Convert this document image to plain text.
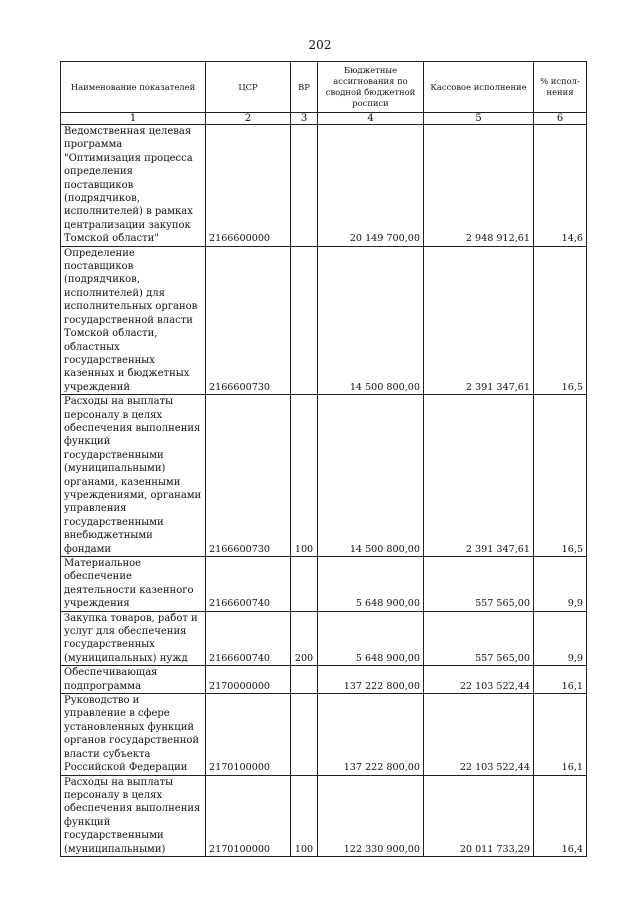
202
Наименование показателей	ЦСР	ВР	Бюджетные ассигнования по сводной бюджетной росписи	Кассовое исполнение	% испол-нения
1	2	3	4	5	6
Ведомственная целевая программа "Оптимизация процесса определения поставщиков (подрядчиков, исполнителей) в рамках централизации закупок Томской области"	2166600000		20 149 700,00	2 948 912,61	14,6
Определение поставщиков (подрядчиков, исполнителей) для исполнительных органов государственной власти Томской области, областных государственных казенных и бюджетных учреждений	2166600730		14 500 800,00	2 391 347,61	16,5
Расходы на выплаты персоналу в целях обеспечения выполнения функций государственными (муниципальными) органами, казенными учреждениями, органами управления государственными внебюджетными фондами	2166600730	100	14 500 800,00	2 391 347,61	16,5
Материальное обеспечение деятельности казенного учреждения	2166600740		5 648 900,00	557 565,00	9,9
Закупка товаров, работ и услуг для обеспечения государственных (муниципальных) нужд	2166600740	200	5 648 900,00	557 565,00	9,9
Обеспечивающая подпрограмма	2170000000		137 222 800,00	22 103 522,44	16,1
Руководство и управление в сфере установленных функций органов государственной власти субъекта Российской Федерации	2170100000		137 222 800,00	22 103 522,44	16,1
Расходы на выплаты персоналу в целях обеспечения выполнения функций государственными (муниципальными)	2170100000	100	122 330 900,00	20 011 733,29	16,4
